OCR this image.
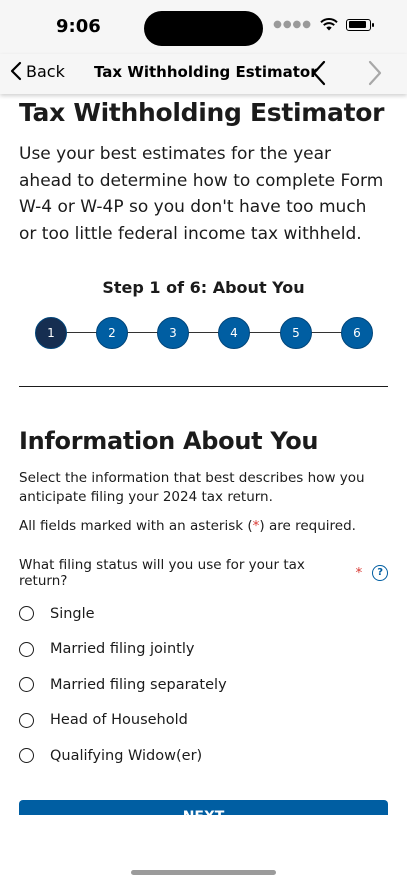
9:06	●●●●
Back Tax Withholding Estimator
Tax Withholding Estimator

Use your best estimates for the year ahead to determine how to complete Form W-4 or W-4P so you don't have too much or too little federal income tax withheld.

Step 1 of 6: About You
1	2	3	4	5	6
Information About You

Select the information that best describes how you anticipate filing your 2024 tax return.

All fields marked with an asterisk (*) are required.

What filing status will you use for your tax return?	*	?
Single
Married filing jointly
Married filing separately
Head of Household
Qualifying Widow(er)
